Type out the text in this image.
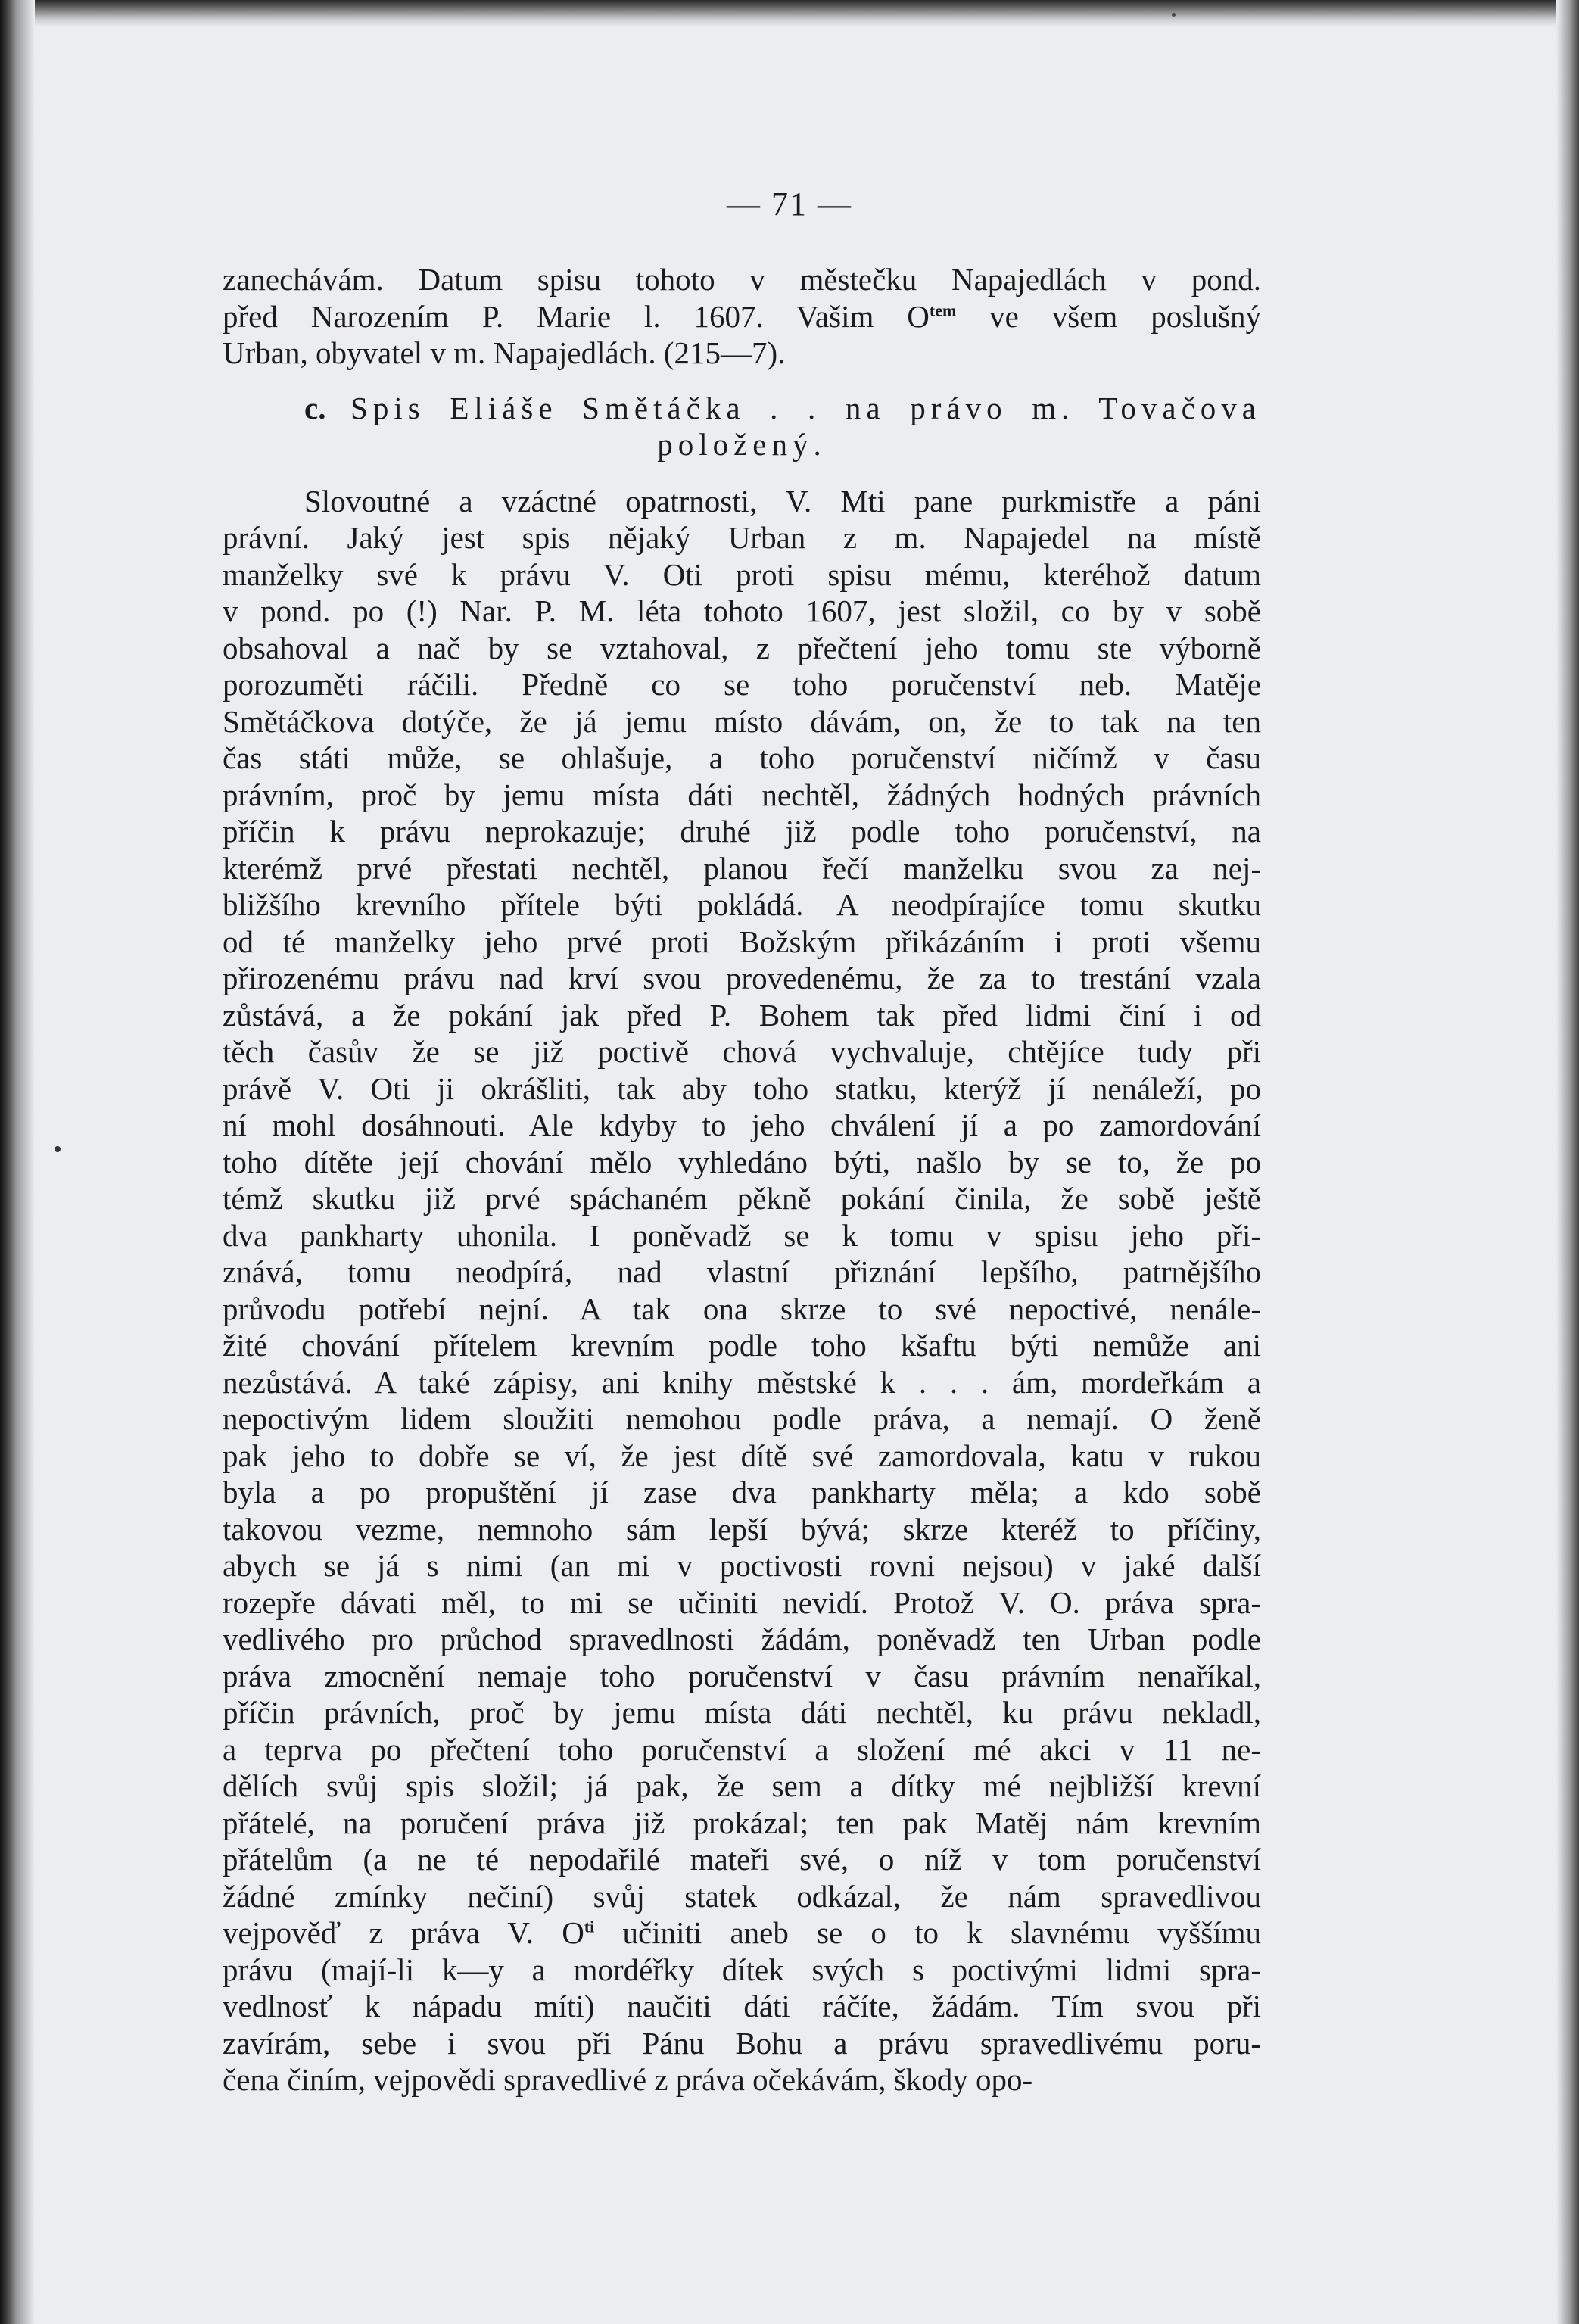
— 71 —
zanechávám. Datum spisu tohoto v městečku Napajedlách v pond.
před Narozením P. Marie l. 1607. Vašim $O^{tem}$ ve všem poslušný
Urban, obyvatel v m. Napajedlách. (215—7).
c. Spis Eliáše Smětáčka . . na právo m. Tovačova
položený.
Slovoutné a vzáctné opatrnosti, V. Mti pane purkmistře a páni
právní. Jaký jest spis nějaký Urban z m. Napajedel na místě
manželky své k právu V. Oti proti spisu mému, kteréhož datum
v pond. po (!) Nar. P. M. léta tohoto 1607, jest složil, co by v sobě
obsahoval a nač by se vztahoval, z přečtení jeho tomu ste výborně
porozuměti ráčili. Předně co se toho poručenství neb. Matěje
Smětáčkova dotýče, že já jemu místo dávám, on, že to tak na ten
čas státi může, se ohlašuje, a toho poručenství ničímž v času
právním, proč by jemu místa dáti nechtěl, žádných hodných právních
příčin k právu neprokazuje; druhé již podle toho poručenství, na
kterémž prvé přestati nechtěl, planou řečí manželku svou za nej-
bližšího krevního přítele býti pokládá. A neodpírajíce tomu skutku
od té manželky jeho prvé proti Božským přikázáním i proti všemu
přirozenému právu nad krví svou provedenému, že za to trestání vzala
zůstává, a že pokání jak před P. Bohem tak před lidmi činí i od
těch časův že se již poctivě chová vychvaluje, chtějíce tudy při
právě V. Oti ji okrášliti, tak aby toho statku, kterýž jí nenáleží, po
ní mohl dosáhnouti. Ale kdyby to jeho chválení jí a po zamordování
toho dítěte její chování mělo vyhledáno býti, našlo by se to, že po
témž skutku již prvé spáchaném pěkně pokání činila, že sobě ještě
dva pankharty uhonila. I poněvadž se k tomu v spisu jeho při-
znává, tomu neodpírá, nad vlastní přiznání lepšího, patrnějšího
průvodu potřebí nejní. A tak ona skrze to své nepoctivé, nenále-
žité chování přítelem krevním podle toho kšaftu býti nemůže ani
nezůstává. A také zápisy, ani knihy městské k . . . ám, mordeřkám a
nepoctivým lidem sloužiti nemohou podle práva, a nemají. O ženě
pak jeho to dobře se ví, že jest dítě své zamordovala, katu v rukou
byla a po propuštění jí zase dva pankharty měla; a kdo sobě
takovou vezme, nemnoho sám lepší bývá; skrze kteréž to příčiny,
abych se já s nimi (an mi v poctivosti rovni nejsou) v jaké další
rozepře dávati měl, to mi se učiniti nevidí. Protož V. O. práva spra-
vedlivého pro průchod spravedlnosti žádám, poněvadž ten Urban podle
práva zmocnění nemaje toho poručenství v času právním nenaříkal,
příčin právních, proč by jemu místa dáti nechtěl, ku právu nekladl,
a teprva po přečtení toho poručenství a složení mé akci v 11 ne-
dělích svůj spis složil; já pak, že sem a dítky mé nejbližší krevní
přátelé, na poručení práva již prokázal; ten pak Matěj nám krevním
přátelům (a ne té nepodařilé mateři své, o níž v tom poručenství
žádné zmínky nečiní) svůj statek odkázal, že nám spravedlivou
vejpověď z práva V. $O^{ti}$ učiniti aneb se o to k slavnému vyššímu
právu (mají-li k—y a mordéřky dítek svých s poctivými lidmi spra-
vedlnosť k nápadu míti) naučiti dáti ráčíte, žádám. Tím svou při
zavírám, sebe i svou při Pánu Bohu a právu spravedlivému poru-
čena činím, vejpovědi spravedlivé z práva očekávám, škody opo-
